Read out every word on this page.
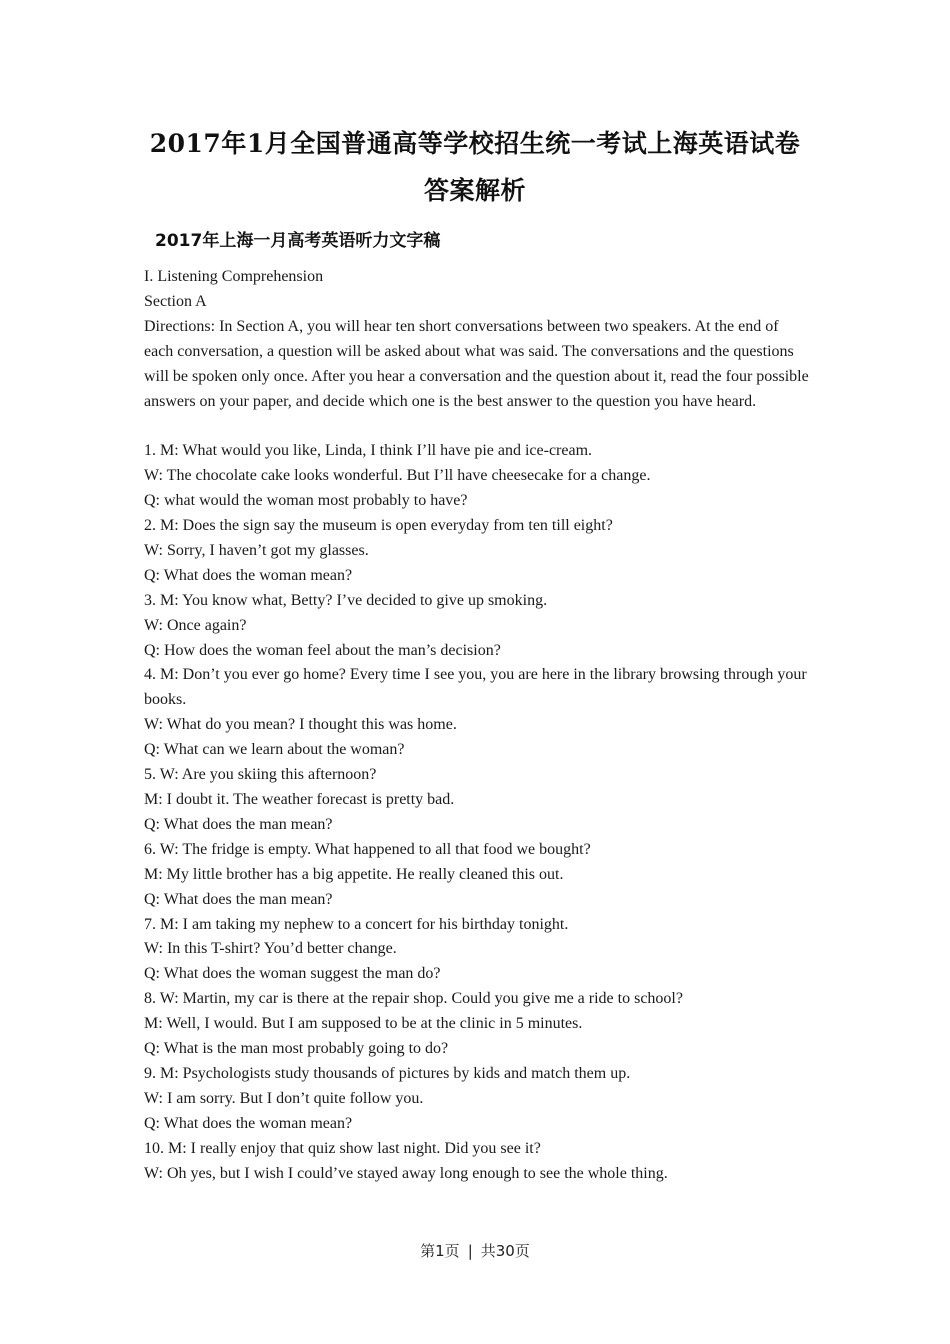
2017年1月全国普通高等学校招生统一考试上海英语试卷
答案解析
2017年上海一月高考英语听力文字稿
I. Listening Comprehension
Section A
Directions: In Section A, you will hear ten short conversations between two speakers. At the end of each conversation, a question will be asked about what was said. The conversations and the questions will be spoken only once. After you hear a conversation and the question about it, read the four possible answers on your paper, and decide which one is the best answer to the question you have heard.
1. M: What would you like, Linda, I think I’ll have pie and ice-cream.
W: The chocolate cake looks wonderful. But I’ll have cheesecake for a change.
Q: what would the woman most probably to have?
2. M: Does the sign say the museum is open everyday from ten till eight?
W: Sorry, I haven’t got my glasses.
Q: What does the woman mean?
3. M: You know what, Betty? I’ve decided to give up smoking.
W: Once again?
Q: How does the woman feel about the man’s decision?
4. M: Don’t you ever go home? Every time I see you, you are here in the library browsing through your books.
W: What do you mean? I thought this was home.
Q: What can we learn about the woman?
5. W: Are you skiing this afternoon?
M: I doubt it. The weather forecast is pretty bad.
Q: What does the man mean?
6. W: The fridge is empty. What happened to all that food we bought?
M: My little brother has a big appetite. He really cleaned this out.
Q: What does the man mean?
7. M: I am taking my nephew to a concert for his birthday tonight.
W: In this T-shirt? You’d better change.
Q: What does the woman suggest the man do?
8. W: Martin, my car is there at the repair shop. Could you give me a ride to school?
M: Well, I would. But I am supposed to be at the clinic in 5 minutes.
Q: What is the man most probably going to do?
9. M: Psychologists study thousands of pictures by kids and match them up.
W: I am sorry. But I don’t quite follow you.
Q: What does the woman mean?
10. M: I really enjoy that quiz show last night. Did you see it?
W: Oh yes, but I wish I could’ve stayed away long enough to see the whole thing.
第1页 | 共30页
